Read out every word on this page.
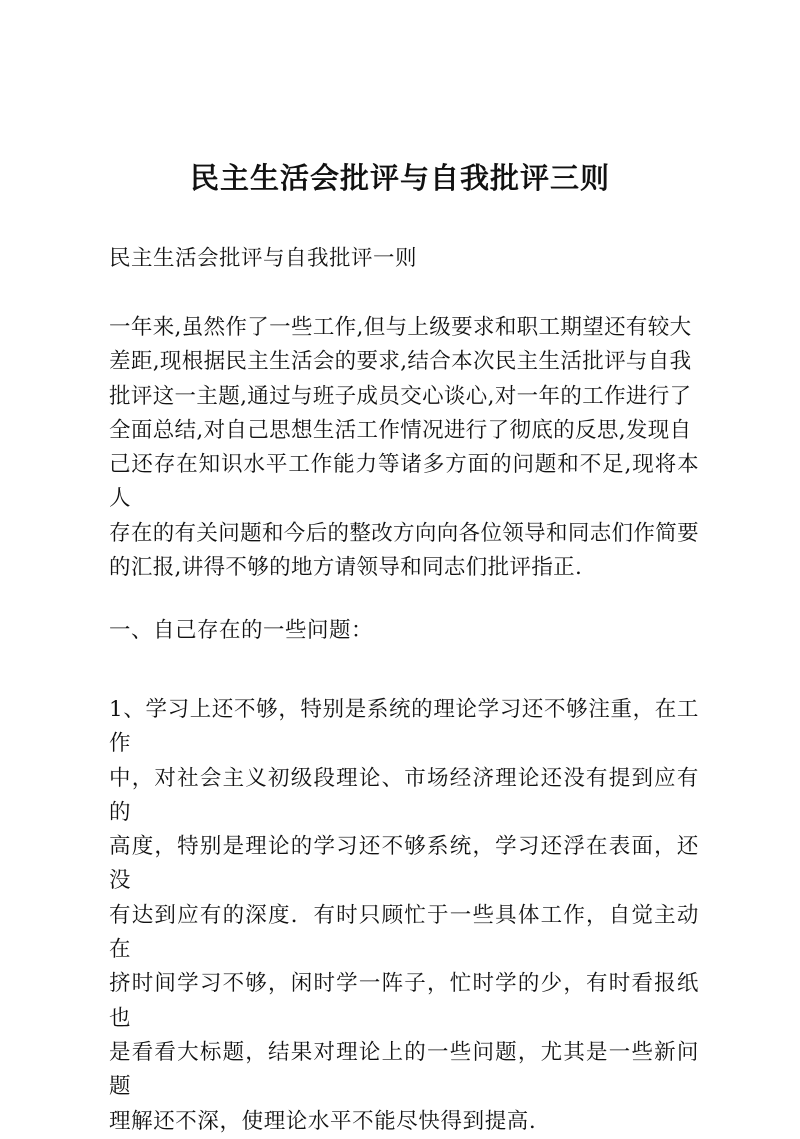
民主生活会批评与自我批评三则

民主生活会批评与自我批评一则

一年来,虽然作了一些工作,但与上级要求和职工期望还有较大
差距,现根据民主生活会的要求,结合本次民主生活批评与自我
批评这一主题,通过与班子成员交心谈心,对一年的工作进行了
全面总结,对自己思想生活工作情况进行了彻底的反思,发现自
己还存在知识水平工作能力等诸多方面的问题和不足,现将本人
存在的有关问题和今后的整改方向向各位领导和同志们作简要
的汇报,讲得不够的地方请领导和同志们批评指正.

一、自己存在的一些问题：

1、学习上还不够，特别是系统的理论学习还不够注重，在工作
中，对社会主义初级段理论、市场经济理论还没有提到应有的
高度，特别是理论的学习还不够系统，学习还浮在表面，还没
有达到应有的深度．有时只顾忙于一些具体工作，自觉主动在
挤时间学习不够，闲时学一阵子，忙时学的少，有时看报纸也
是看看大标题，结果对理论上的一些问题，尤其是一些新问题
理解还不深，使理论水平不能尽快得到提高.
